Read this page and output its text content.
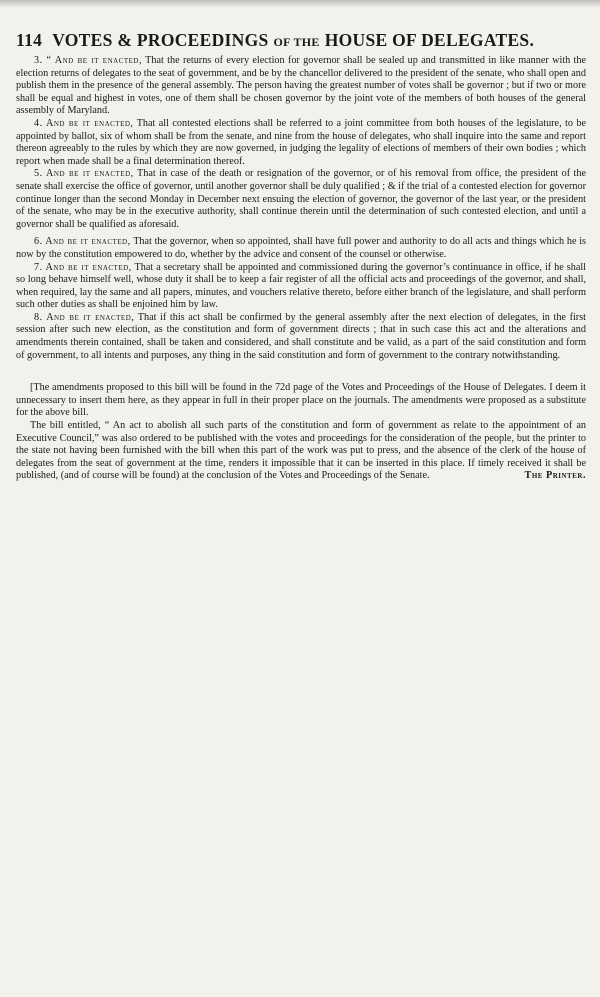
114 VOTES & PROCEEDINGS OF THE HOUSE OF DELEGATES.

3. “ And be it enacted, That the returns of every election for governor shall be sealed up and transmitted in like manner with the election returns of delegates to the seat of government, and be by the chancellor delivered to the president of the senate, who shall open and publish them in the presence of the general assembly. The person having the greatest number of votes shall be governor ; but if two or more shall be equal and highest in votes, one of them shall be chosen governor by the joint vote of the members of both houses of the general assembly of Maryland.

4. And be it enacted, That all contested elections shall be referred to a joint committee from both houses of the legislature, to be appointed by ballot, six of whom shall be from the senate, and nine from the house of delegates, who shall inquire into the same and report thereon agreeably to the rules by which they are now governed, in judging the legality of elections of members of their own bodies ; which report when made shall be a final determination thereof.

5. And be it enacted, That in case of the death or resignation of the governor, or of his removal from office, the president of the senate shall exercise the office of governor, until another governor shall be duly qualified ; & if the trial of a contested election for governor continue longer than the second Monday in December next ensuing the election of governor, the governor of the last year, or the president of the senate, who may be in the executive authority, shall continue therein until the determination of such contested election, and until a governor shall be qualified as aforesaid.

6. And be it enacted, That the governor, when so appointed, shall have full power and authority to do all acts and things which he is now by the constitution empowered to do, whether by the advice and consent of the counsel or otherwise.

7. And be it enacted, That a secretary shall be appointed and commissioned during the governor’s continuance in office, if he shall so long behave himself well, whose duty it shall be to keep a fair register of all the official acts and proceedings of the governor, and shall, when required, lay the same and all papers, minutes, and vouchers relative thereto, before either branch of the legislature, and shall perform such other duties as shall be enjoined him by law.

8. And be it enacted, That if this act shall be confirmed by the general assembly after the next election of delegates, in the first session after such new election, as the constitution and form of government directs ; that in such case this act and the alterations and amendments therein contained, shall be taken and considered, and shall constitute and be valid, as a part of the said constitution and form of government, to all intents and purposes, any thing in the said constitution and form of government to the contrary notwithstanding.

[The amendments proposed to this bill will be found in the 72d page of the Votes and Proceedings of the House of Delegates. I deem it unnecessary to insert them here, as they appear in full in their proper place on the journals. The amendments were proposed as a substitute for the above bill.

The bill entitled, “ An act to abolish all such parts of the constitution and form of government as relate to the appointment of an Executive Council,” was also ordered to be published with the votes and proceedings for the consideration of the people, but the printer to the state not having been furnished with the bill when this part of the work was put to press, and the absence of the clerk of the house of delegates from the seat of government at the time, renders it impossible that it can be inserted in this place. If timely received it shall be published, (and of course will be found) at the conclusion of the Votes and Proceedings of the Senate.	The Printer.
